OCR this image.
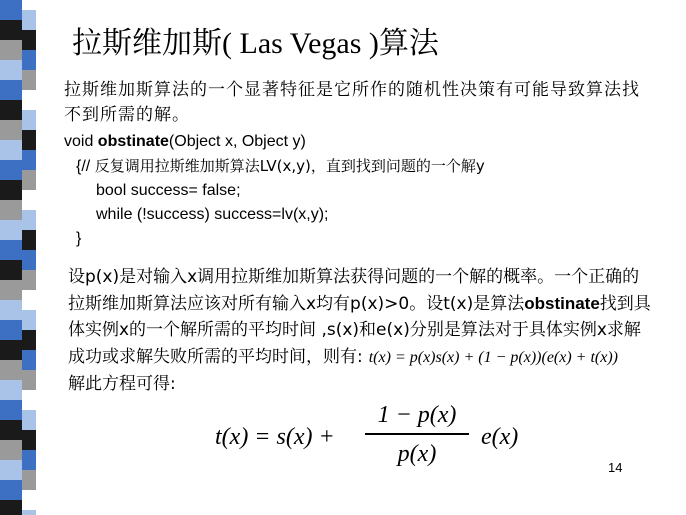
拉斯维加斯( Las Vegas )算法
拉斯维加斯算法的一个显著特征是它所作的随机性决策有可能导致算法找不到所需的解。
void obstinate(Object x, Object y)
{// 反复调用拉斯维加斯算法LV(x,y)，直到找到问题的一个解y
bool success= false;
while (!success) success=lv(x,y);
}
设p(x)是对输入x调用拉斯维加斯算法获得问题的一个解的概率。一个正确的拉斯维加斯算法应该对所有输入x均有p(x)>0。设t(x)是算法obstinate找到具体实例x的一个解所需的平均时间 ,s(x)和e(x)分别是算法对于具体实例x求解成功或求解失败所需的平均时间，则有: t(x) = p(x)s(x) + (1 − p(x))(e(x) + t(x))
解此方程可得:
t(x) = s(x) +
1 − p(x)
p(x)
e(x)
14
